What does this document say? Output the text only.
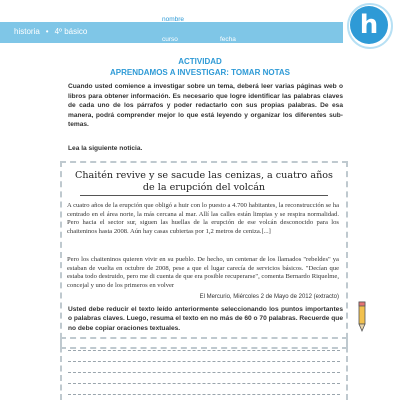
historia • 4º básico
nombre
curso	fecha	h
ACTIVIDAD
APRENDAMOS A INVESTIGAR: TOMAR NOTAS
Cuando usted comience a investigar sobre un tema, deberá leer varias páginas web o libros para obtener información. Es necesario que logre identificar las palabras claves de cada uno de los párrafos y poder redactarlo con sus propias palabras. De esa manera, podrá comprender mejor lo que está leyendo y organizar los diferentes sub-temas.
Lea la siguiente noticia.
Chaitén revive y se sacude las cenizas, a cuatro años de la erupción del volcán
A cuatro años de la erupción que obligó a huir con lo puesto a 4.700 habitantes, la reconstrucción se ha centrado en el área norte, la más cercana al mar. Allí las calles están limpias y se respira normalidad. Pero hacia el sector sur, siguen las huellas de la erupción de ese volcán desconocido para los chaiteninos hasta 2008. Aún hay casas cubiertas por 1,2 metros de ceniza.[...]
Pero los chaiteninos quieren vivir en su pueblo. De hecho, un centenar de los llamados "rebeldes" ya estaban de vuelta en octubre de 2008, pese a que el lugar carecía de servicios básicos. "Decían que estaba todo destruido, pero me di cuenta de que era posible recuperarse", comenta Bernardo Riquelme, concejal y uno de los primeros en volver
El Mercurio, Miércoles 2 de Mayo de 2012 (extracto)
Usted debe reducir el texto leído anteriormente seleccionando los puntos importantes o palabras claves. Luego, resuma el texto en no más de 60 o 70 palabras. Recuerde que no debe copiar oraciones textuales.
